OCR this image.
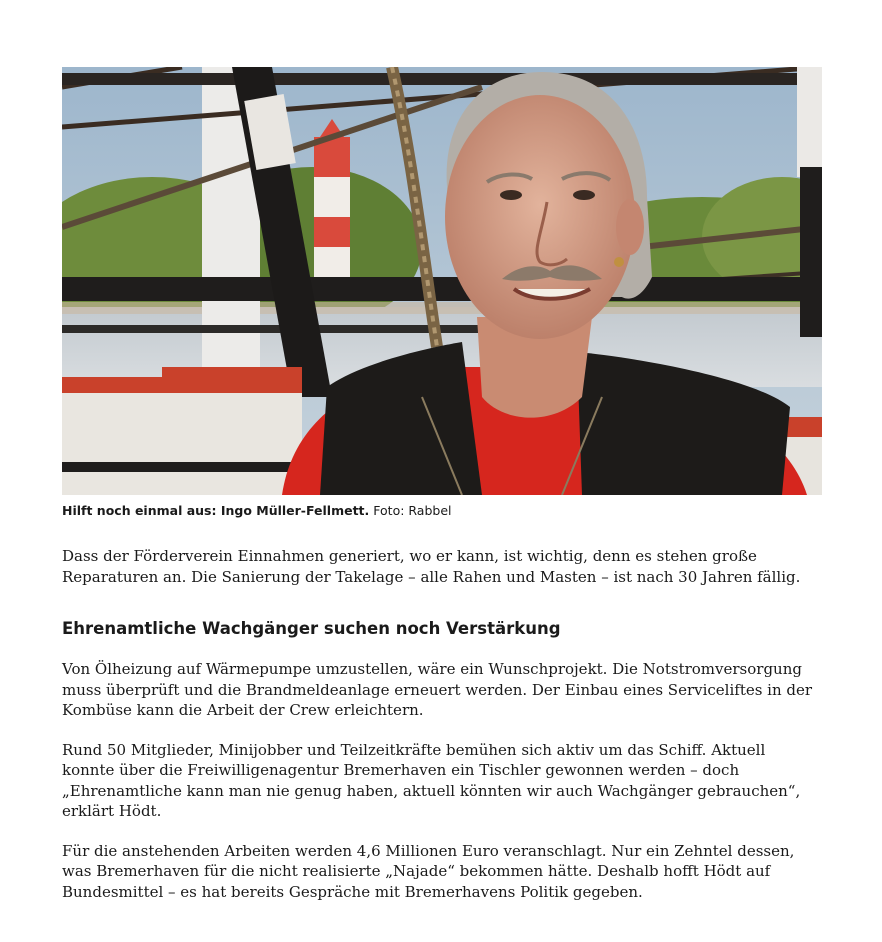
Hilft noch einmal aus: Ingo Müller-Fellmett. Foto: Rabbel

Dass der Förderverein Einnahmen generiert, wo er kann, ist wichtig, denn es stehen große Reparaturen an. Die Sanierung der Takelage – alle Rahen und Masten – ist nach 30 Jahren fällig.

Ehrenamtliche Wachgänger suchen noch Verstärkung

Von Ölheizung auf Wärmepumpe umzustellen, wäre ein Wunschprojekt. Die Notstromversorgung muss überprüft und die Brandmeldeanlage erneuert werden. Der Einbau eines Serviceliftes in der Kombüse kann die Arbeit der Crew erleichtern.

Rund 50 Mitglieder, Minijobber und Teilzeitkräfte bemühen sich aktiv um das Schiff. Aktuell konnte über die Freiwilligenagentur Bremerhaven ein Tischler gewonnen werden – doch „Ehrenamtliche kann man nie genug haben, aktuell könnten wir auch Wachgänger gebrauchen“, erklärt Hödt.

Für die anstehenden Arbeiten werden 4,6 Millionen Euro veranschlagt. Nur ein Zehntel dessen, was Bremerhaven für die nicht realisierte „Najade“ bekommen hätte. Deshalb hofft Hödt auf Bundesmittel – es hat bereits Gespräche mit Bremerhavens Politik gegeben.
